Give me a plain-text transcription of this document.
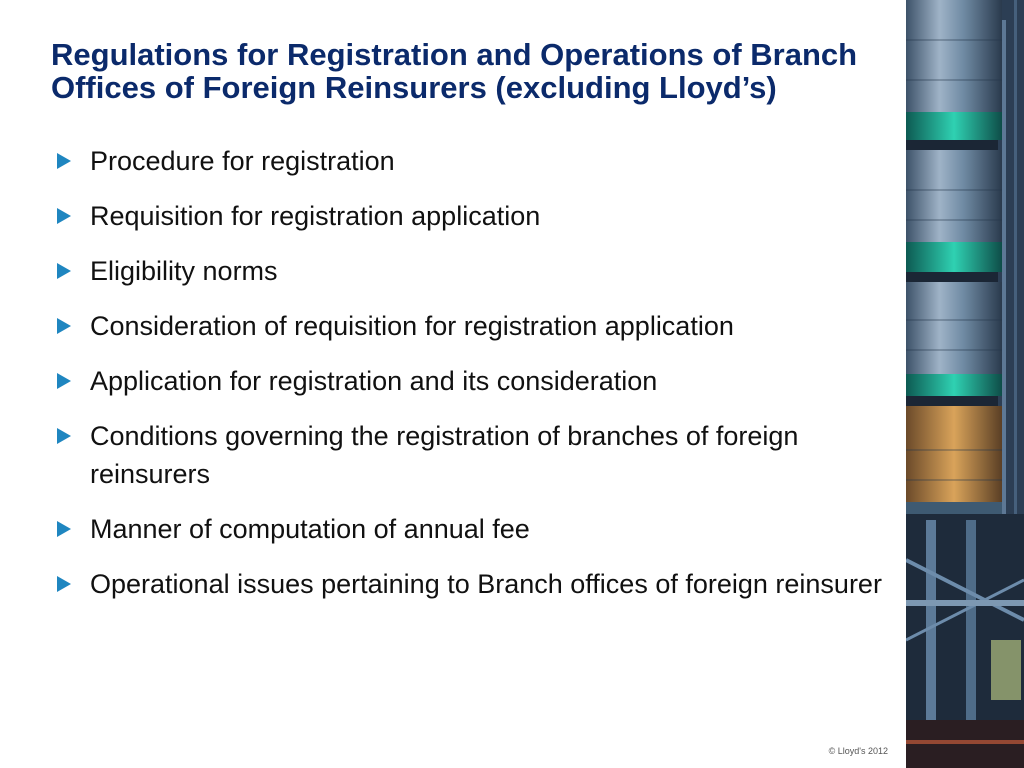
Regulations for Registration and Operations of Branch Offices of Foreign Reinsurers (excluding Lloyd’s)
Procedure for registration
Requisition for registration application
Eligibility norms
Consideration of requisition for registration application
Application for registration and its consideration
Conditions governing the registration of branches of foreign reinsurers
Manner of computation of annual fee
Operational issues pertaining to Branch offices of foreign reinsurer
© Lloyd's 2012
